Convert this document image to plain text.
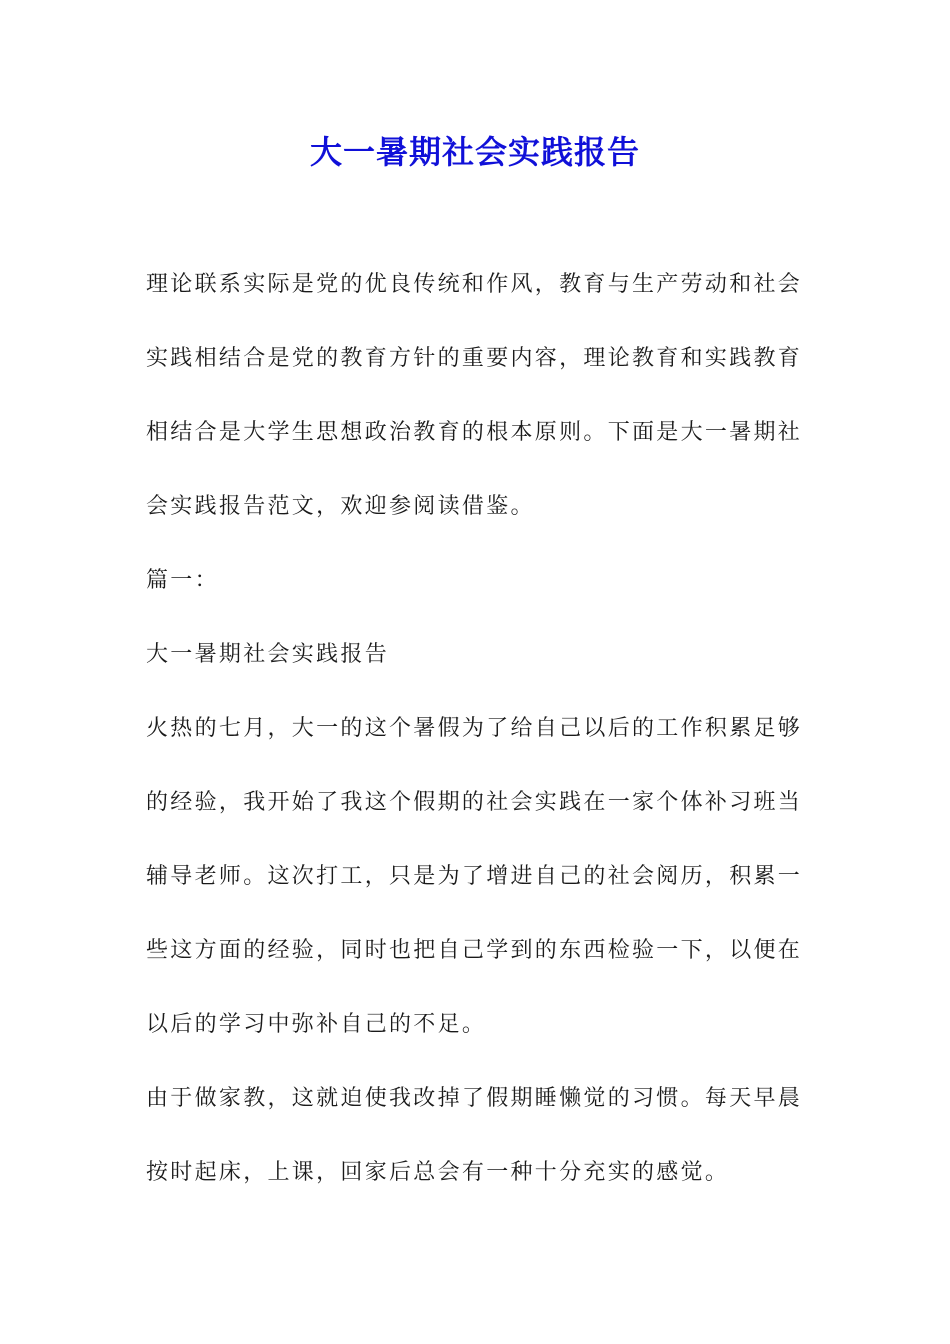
大一暑期社会实践报告
理论联系实际是党的优良传统和作风，教育与生产劳动和社会
实践相结合是党的教育方针的重要内容，理论教育和实践教育
相结合是大学生思想政治教育的根本原则。下面是大一暑期社
会实践报告范文，欢迎参阅读借鉴。
篇一：
大一暑期社会实践报告
火热的七月，大一的这个暑假为了给自己以后的工作积累足够
的经验，我开始了我这个假期的社会实践在一家个体补习班当
辅导老师。这次打工，只是为了增进自己的社会阅历，积累一
些这方面的经验，同时也把自己学到的东西检验一下，以便在
以后的学习中弥补自己的不足。
由于做家教，这就迫使我改掉了假期睡懒觉的习惯。每天早晨
按时起床，上课，回家后总会有一种十分充实的感觉。
